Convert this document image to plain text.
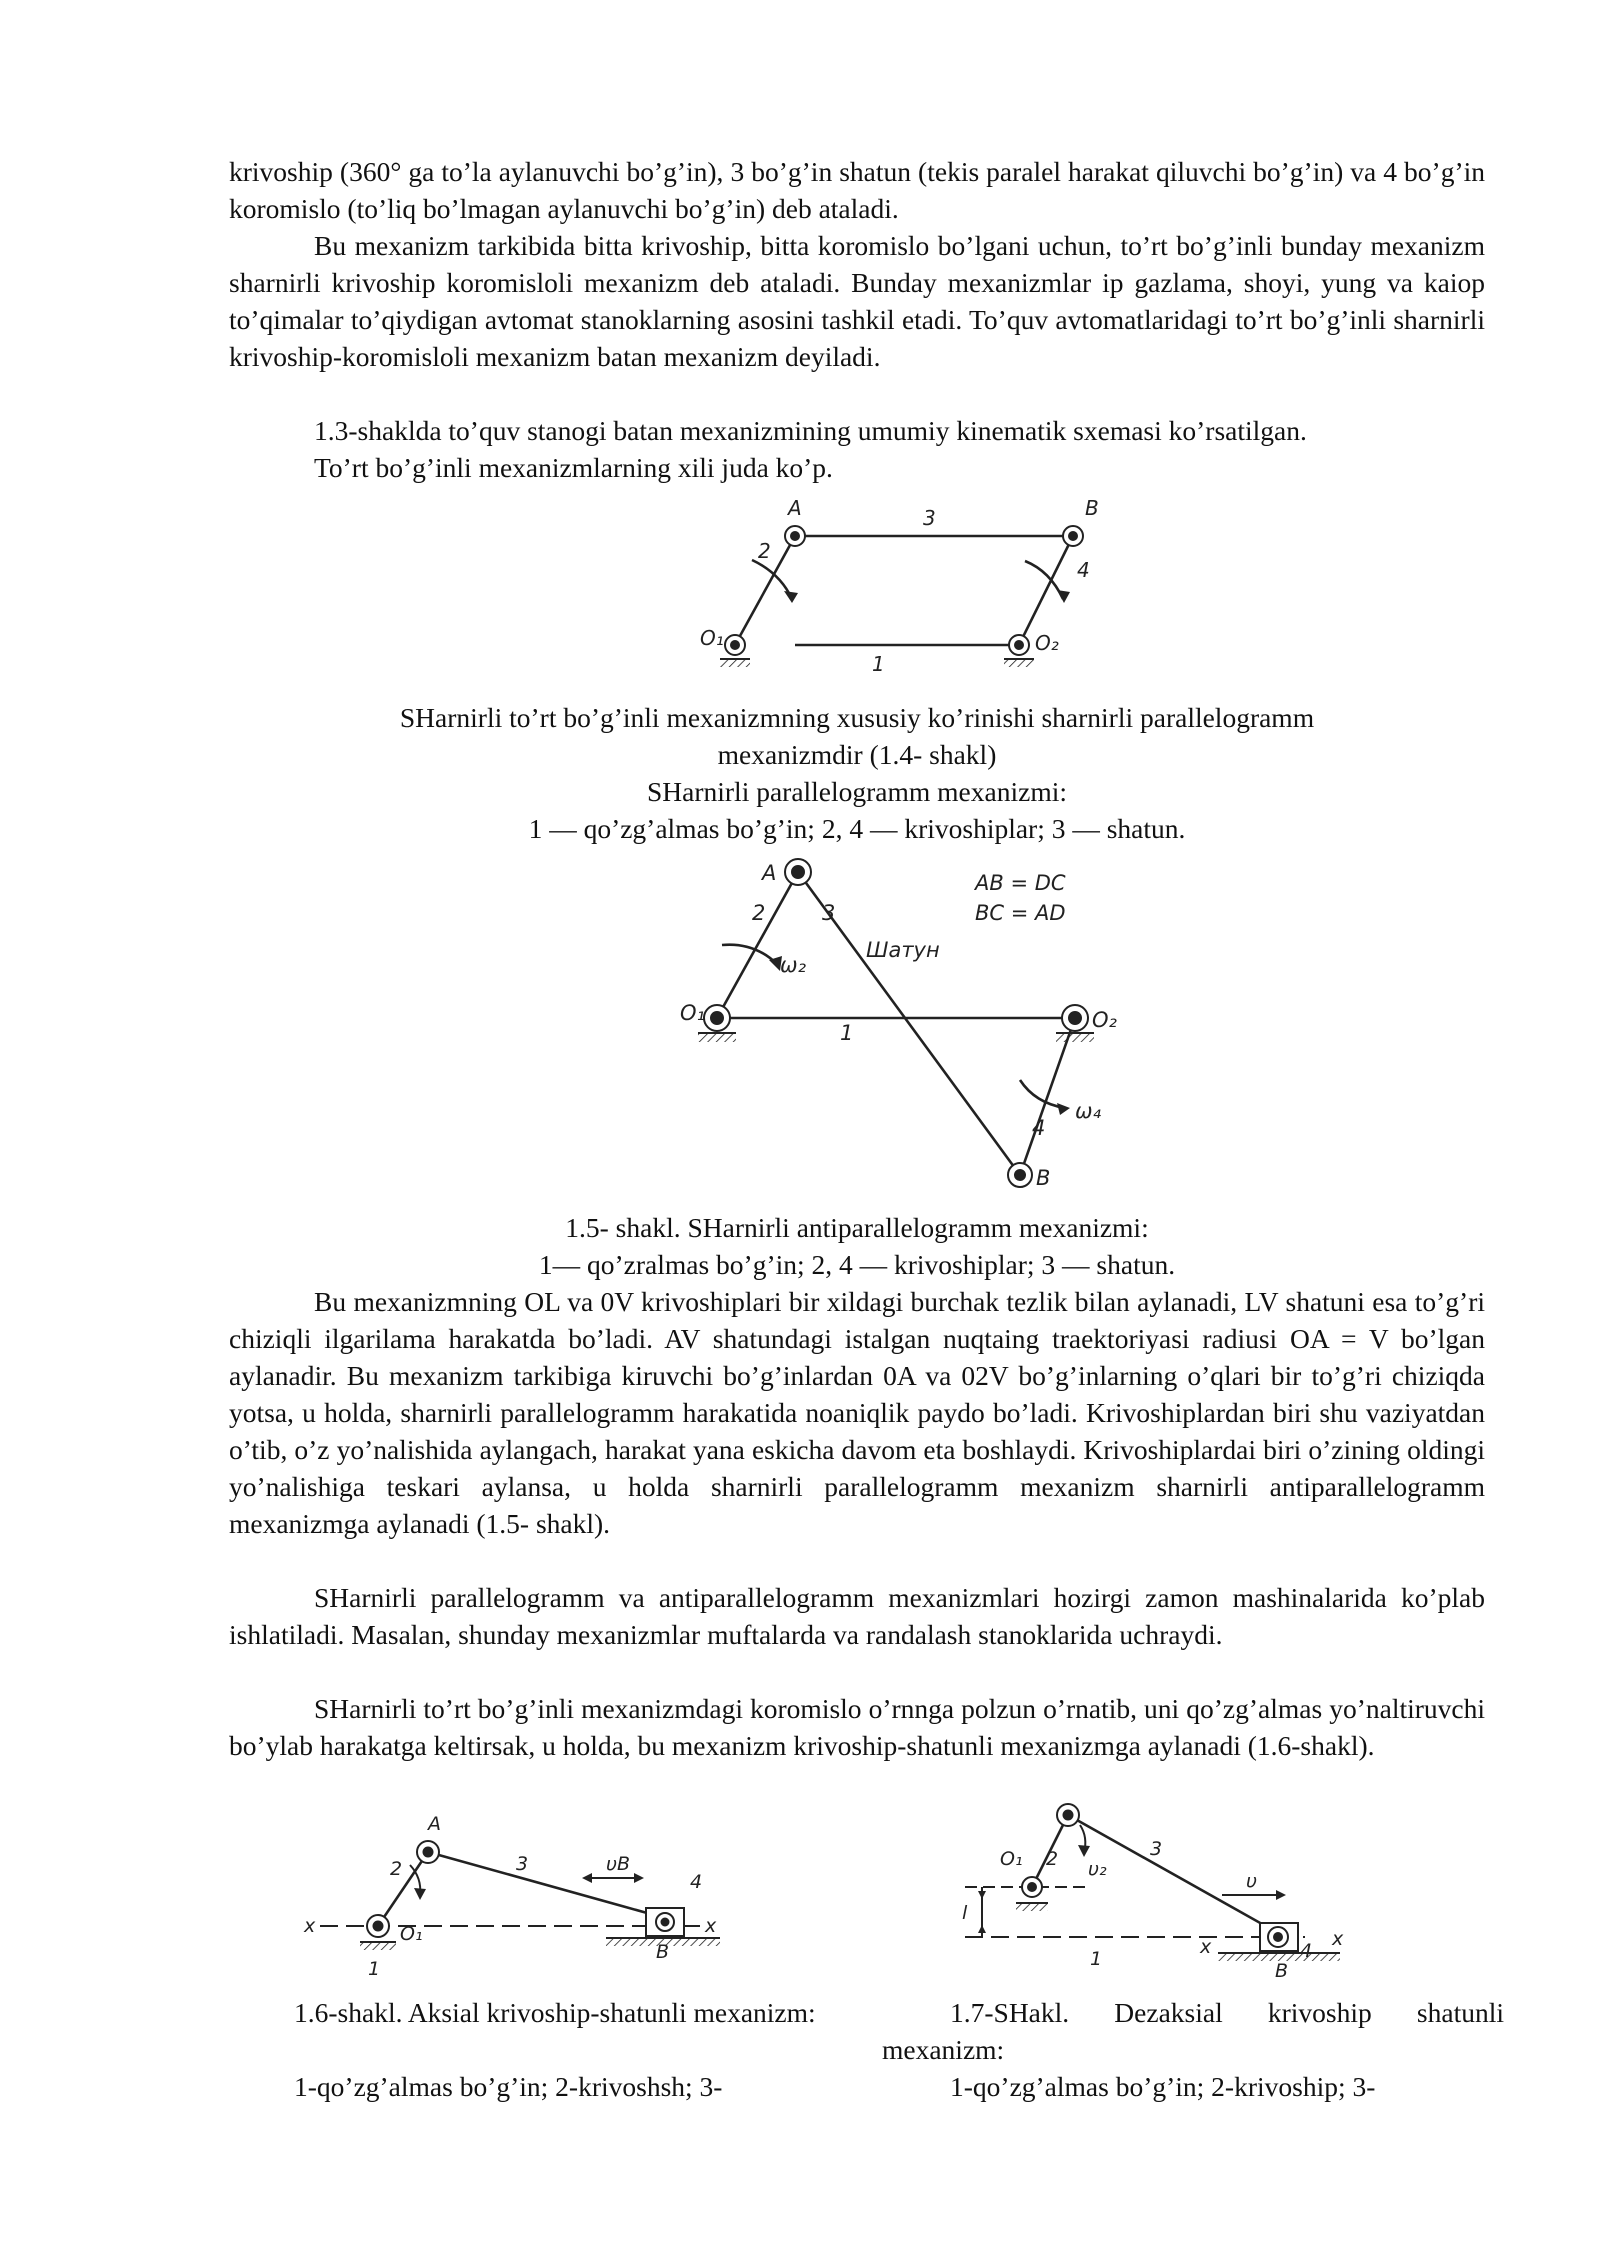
krivoship (360° ga to’la aylanuvchi bo’g’in), 3 bo’g’in shatun (tekis paralel harakat qiluvchi bo’g’in) va 4 bo’g’in koromislo (to’liq bo’lmagan aylanuvchi bo’g’in) deb ataladi.

Bu mexanizm tarkibida bitta krivoship, bitta koromislo bo’lgani uchun, to’rt bo’g’inli bunday mexanizm sharnirli krivoship koromisloli mexanizm deb ataladi. Bunday mexanizmlar ip gazlama, shoyi, yung va kaiop to’qimalar to’qiydigan avtomat stanoklarning asosini tashkil etadi. To’quv avtomatlaridagi to’rt bo’g’inli sharnirli krivoship-koromisloli mexanizm batan mexanizm deyiladi.

1.3-shaklda to’quv stanogi batan mexanizmining umumiy kinematik sxemasi ko’rsatilgan.

To’rt bo’g’inli mexanizmlarning xili juda ko’p.

A	B
O₁	O₂
1
2
3
4

SHarnirli to’rt bo’g’inli mexanizmning xususiy ko’rinishi sharnirli parallelogramm

mexanizmdir (1.4- shakl)

SHarnirli parallelogramm mexanizmi:

1 — qo’zg’almas bo’g’in; 2, 4 — krivoshiplar; 3 — shatun.

A
B
O₁	O₂
1
2	3
4
AB = DC
BC = AD
Шатун
ω₂
ω₄

1.5- shakl. SHarnirli antiparallelogramm mexanizmi:

1— qo’zralmas bo’g’in; 2, 4 — krivoshiplar; 3 — shatun.

Bu mexanizmning OL va 0V krivoshiplari bir xildagi burchak tezlik bilan aylanadi, LV shatuni esa to’g’ri chiziqli ilgarilama harakatda bo’ladi. AV shatundagi istalgan nuqtaing traektoriyasi radiusi OA = V bo’lgan aylanadir. Bu mexanizm tarkibiga kiruvchi bo’g’inlardan 0A va 02V bo’g’inlarning o’qlari bir to’g’ri chiziqda yotsa, u holda, sharnirli parallelogramm harakatida noaniqlik paydo bo’ladi. Krivoshiplardan biri shu vaziyatdan o’tib, o’z yo’nalishida aylangach, harakat yana eskicha davom eta boshlaydi. Krivoshiplardai biri o’zining oldingi yo’nalishiga teskari aylansa, u holda sharnirli parallelogramm mexanizm sharnirli antiparallelogramm mexanizmga aylanadi (1.5- shakl).

SHarnirli parallelogramm va antiparallelogramm mexanizmlari hozirgi zamon mashinalarida ko’plab ishlatiladi. Masalan, shunday mexanizmlar muftalarda va randalash stanoklarida uchraydi.

SHarnirli to’rt bo’g’inli mexanizmdagi koromislo o’rnnga polzun o’rnatib, uni qo’zg’almas yo’naltiruvchi bo’ylab harakatga keltirsak, u holda, bu mexanizm krivoship-shatunli mexanizmga aylanadi (1.6-shakl).

A
B
O₁
1
2	3
4
υB
x	x
B
O₁
1
2	3
4
υ₂
υ
l
x	x

1.6-shakl. Aksial krivoship-shatunli mexanizm:

1-qo’zg’almas bo’g’in; 2-krivoshsh; 3-

1.7-SHakl. Dezaksial krivoship shatunli mexanizm:

1-qo’zg’almas bo’g’in; 2-krivoship; 3-
